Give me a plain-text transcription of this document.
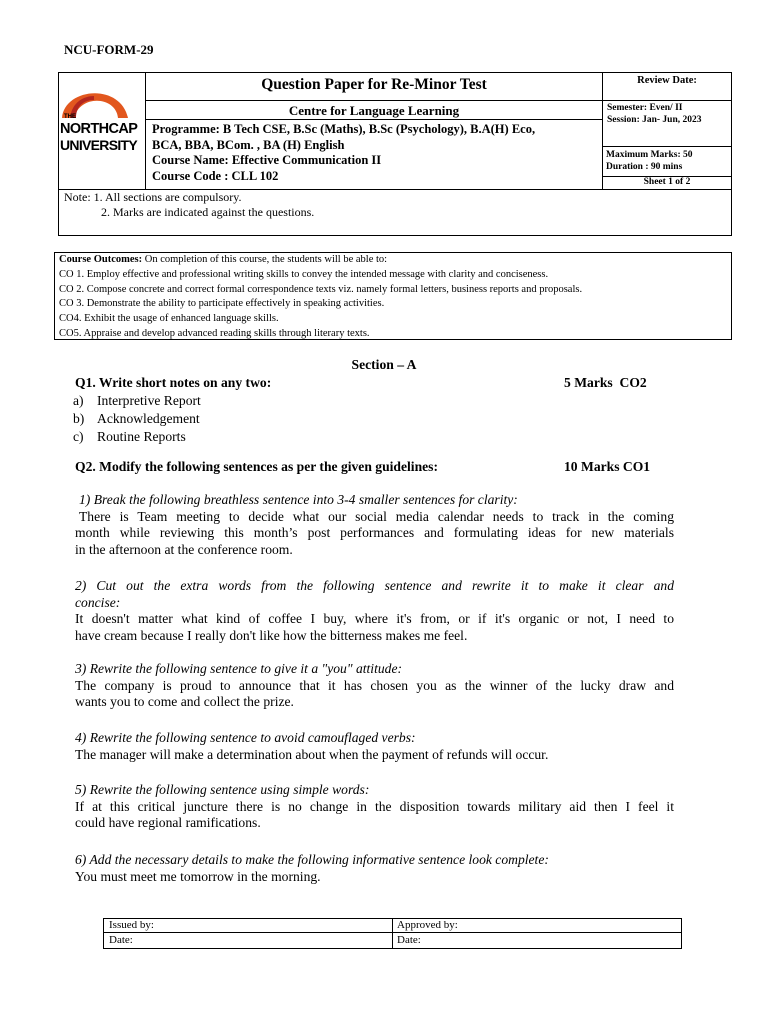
NCU-FORM-29
THE
NORTHCAP
UNIVERSITY
Question Paper for Re-Minor Test	Review Date:
Centre for Language Learning
Programme: B Tech CSE, B.Sc (Maths), B.Sc (Psychology), B.A(H) Eco,
BCA, BBA, BCom. , BA (H) English
Course Name: Effective Communication II
Course Code : CLL 102
Semester: Even/ II
Session: Jan- Jun, 2023
Maximum Marks: 50
Duration : 90 mins
Sheet 1 of 2
Note: 1. All sections are compulsory.
2. Marks are indicated against the questions.
Course Outcomes: On completion of this course, the students will be able to:
CO 1. Employ effective and professional writing skills to convey the intended message with clarity and conciseness.
CO 2. Compose concrete and correct formal correspondence texts viz. namely formal letters, business reports and proposals.
CO 3. Demonstrate the ability to participate effectively in speaking activities.
CO4. Exhibit the usage of enhanced language skills.
CO5. Appraise and develop advanced reading skills through literary texts.
Section – A
Q1. Write short notes on any two:	5 Marks  CO2
a) Interpretive Report
b) Acknowledgement
c) Routine Reports
Q2. Modify the following sentences as per the given guidelines:	10 Marks CO1
1) Break the following breathless sentence into 3-4 smaller sentences for clarity:
There is Team meeting to decide what our social media calendar needs to track in the coming
month while reviewing this month’s post performances and formulating ideas for new materials
in the afternoon at the conference room.
2) Cut out the extra words from the following sentence and rewrite it to make it clear and
concise:
It doesn't matter what kind of coffee I buy, where it's from, or if it's organic or not, I need to
have cream because I really don't like how the bitterness makes me feel.
3) Rewrite the following sentence to give it a "you" attitude:
The company is proud to announce that it has chosen you as the winner of the lucky draw and
wants you to come and collect the prize.
4) Rewrite the following sentence to avoid camouflaged verbs:
The manager will make a determination about when the payment of refunds will occur.
5) Rewrite the following sentence using simple words:
If at this critical juncture there is no change in the disposition towards military aid then I feel it
could have regional ramifications.
6) Add the necessary details to make the following informative sentence look complete:
You must meet me tomorrow in the morning.
Issued by:	Approved by:
Date:	Date:
